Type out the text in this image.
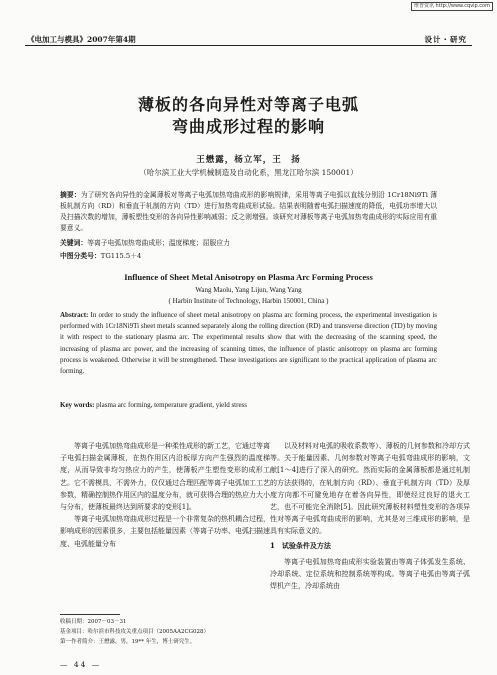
维普资讯 http://www.cqvip.com
《电加工与模具》2007年第4期	设计・研究
薄板的各向异性对等离子电弧
弯曲成形过程的影响
王懋露，杨立军，王　扬
（哈尔滨工业大学机械制造及自动化系，黑龙江哈尔滨 150001）
摘要：为了研究各向异性的金属薄板对等离子电弧加热弯曲成形的影响规律，采用等离子电弧以直线分别沿 1Cr18Ni9Ti 薄板轧制方向（RD）和垂直于轧制的方向（TD）进行加热弯曲成形试验。结果表明随着电弧扫描速度的降低，电弧功率增大以及扫描次数的增加，薄板塑性变形的各向异性影响减弱；反之则增强。该研究对薄板等离子电弧加热弯曲成形的实际应用有重要意义。
关键词：等离子电弧加热弯曲成形；温度梯度；屈服应力
中图分类号：TG115.5＋4
Influence of Sheet Metal Anisotropy on Plasma Arc Forming Process
Wang Maolu, Yang Lijun, Wang Yang
( Harbin Institute of Technology, Harbin 150001, China )
Abstract: In order to study the influence of sheet metal anisotropy on plasma arc forming process, the experimental investigation is performed with 1Cr18Ni9Ti sheet metals scanned separately along the rolling direction (RD) and transverse direction (TD) by moving it with respect to the stationary plasma arc. The experimental results show that with the decreasing of the scanning speed, the increasing of plasma arc power, and the increasing of scanning times, the influence of plastic anisotropy on plasma arc forming process is weakened. Otherwise it will be strengthened. These investigations are significant to the practical application of plasma arc forming.
Key words: plasma arc forming, temperature gradient, yield stress

等离子电弧加热弯曲成形是一种柔性成形的新工艺，它通过等离子电弧扫描金属薄板，在热作用区内沿板厚方向产生强烈的温度梯度，从而导致非均匀热应力的产生，使薄板产生塑性变形的成形工艺。它不需模具，不需外力，仅仅通过合理匹配等离子电弧加工工艺参数，精确控制热作用区内的温度分布，就可获得合理的热应力大小与分布，使薄板最终达到所要求的变形[1]。

等离子电弧加热弯曲成形过程是一个非常复杂的热机耦合过程，影响成形的因素很多，主要包括能量因素（等离子功率、电弧扫描速度、电弧能量分布

以及材料对电弧的吸收系数等）、薄板的几何参数和冷却方式等。关于能量因素、几何参数对等离子电弧弯曲成形的影响，文献[1～4]进行了深入的研究。然而实际的金属薄板都是通过轧制的方法获得的，在轧制方向（RD）、垂直于轧制方向（TD）及厚度方向都不可避免地存在着各向异性，即使经过良好的退火工艺，也不可能完全消除[5]。因此研究薄板材料塑性变形的各项异性对等离子电弧弯曲成形的影响，尤其是对三维成形的影响，是具有实际意义的。

1　试验条件及方法

等离子电弧加热弯曲成形实验装置由等离子体弧发生系统、冷却系统、定位系统和控制系统等构成。等离子电弧由等离子弧焊机产生，冷却系统由

收稿日期：2007－03－31
基金项目：哈尔滨市科技攻关重点项目（2005AA2CG028）
第一作者简介：王懋露，男，19** 年生，博士研究生。
— 44 —
